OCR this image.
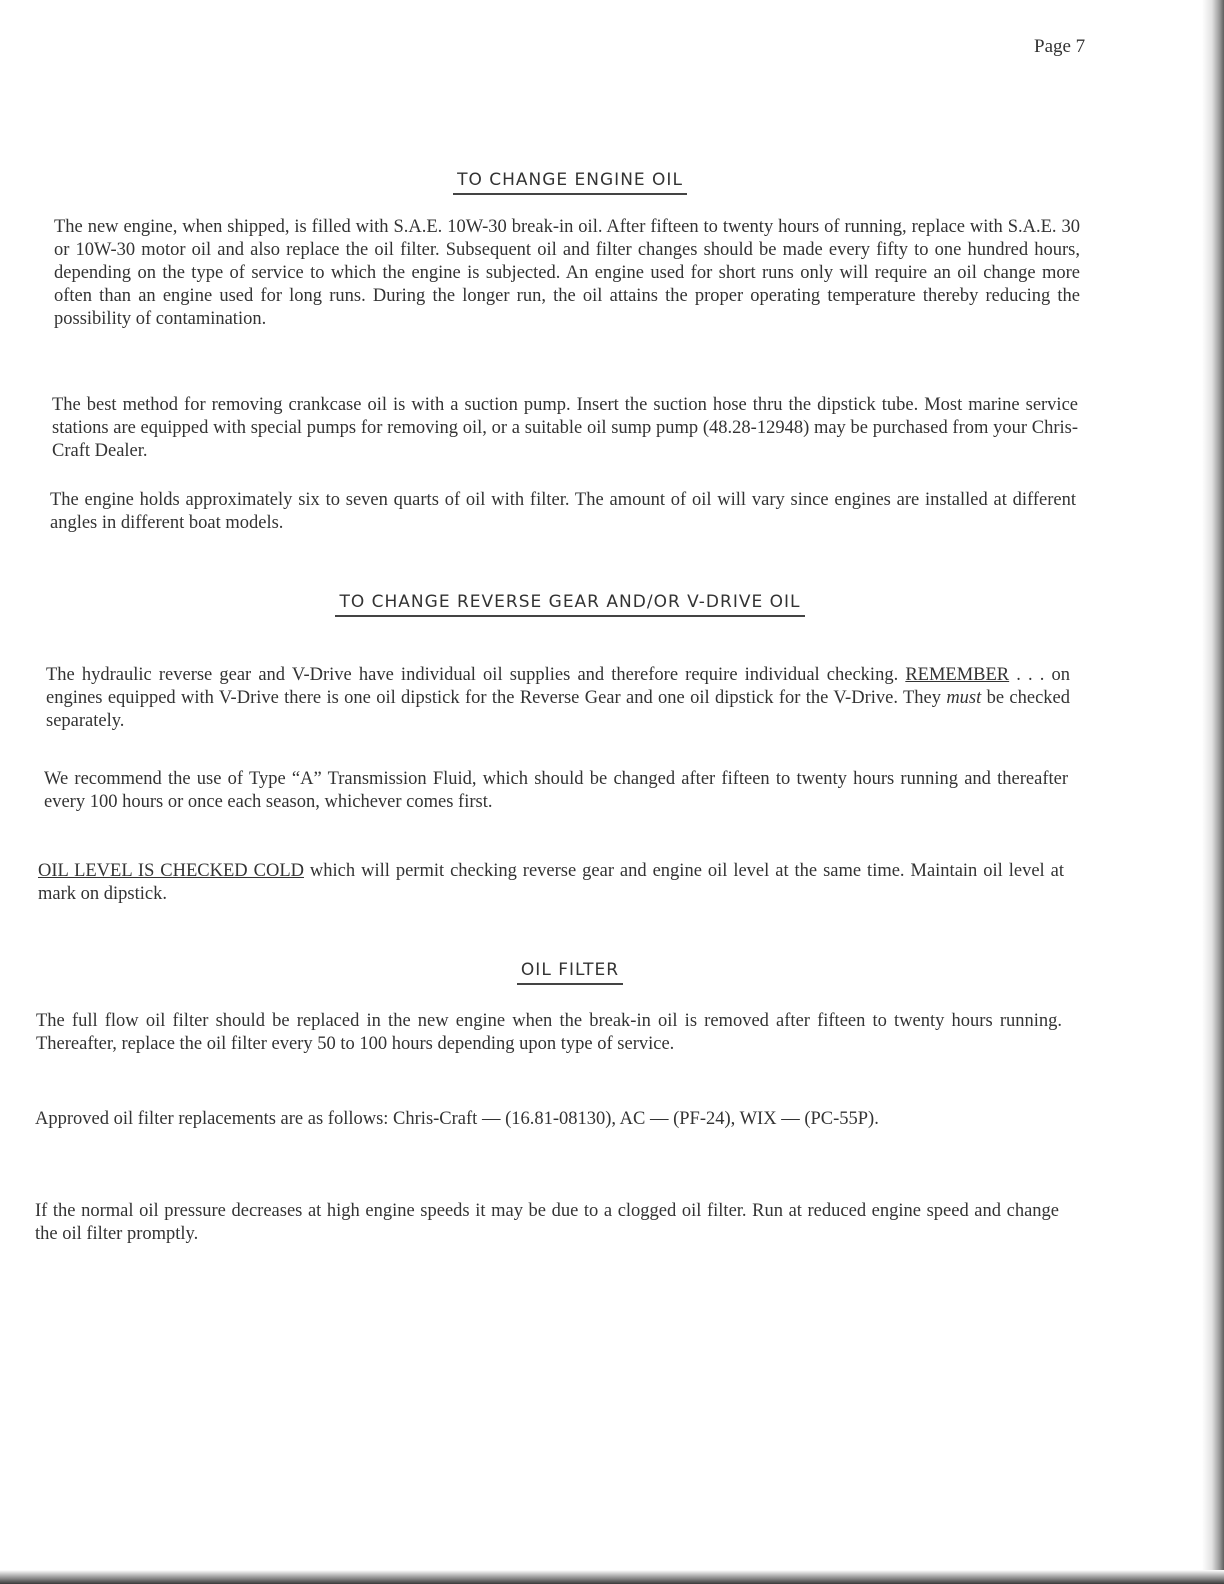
Page 7
TO CHANGE ENGINE OIL
The new engine, when shipped, is filled with S.A.E. 10W-30 break-in oil. After fifteen to twenty hours of running, replace with S.A.E. 30 or 10W-30 motor oil and also replace the oil filter. Subsequent oil and filter changes should be made every fifty to one hundred hours, depending on the type of service to which the engine is subjected. An engine used for short runs only will require an oil change more often than an engine used for long runs. During the longer run, the oil attains the proper operating temperature thereby reducing the possibility of contamination.
The best method for removing crankcase oil is with a suction pump. Insert the suction hose thru the dipstick tube. Most marine service stations are equipped with special pumps for removing oil, or a suitable oil sump pump (48.28-12948) may be purchased from your Chris-Craft Dealer.
The engine holds approximately six to seven quarts of oil with filter. The amount of oil will vary since engines are installed at different angles in different boat models.
TO CHANGE REVERSE GEAR AND/OR V-DRIVE OIL
The hydraulic reverse gear and V-Drive have individual oil supplies and therefore require individual checking. REMEMBER . . . on engines equipped with V-Drive there is one oil dipstick for the Reverse Gear and one oil dipstick for the V-Drive. They must be checked separately.
We recommend the use of Type “A” Transmission Fluid, which should be changed after fifteen to twenty hours running and thereafter every 100 hours or once each season, whichever comes first.
OIL LEVEL IS CHECKED COLD which will permit checking reverse gear and engine oil level at the same time. Maintain oil level at mark on dipstick.
OIL FILTER
The full flow oil filter should be replaced in the new engine when the break-in oil is removed after fifteen to twenty hours running. Thereafter, replace the oil filter every 50 to 100 hours depending upon type of service.
Approved oil filter replacements are as follows: Chris-Craft — (16.81-08130), AC — (PF-24), WIX — (PC-55P).
If the normal oil pressure decreases at high engine speeds it may be due to a clogged oil filter. Run at reduced engine speed and change the oil filter promptly.
